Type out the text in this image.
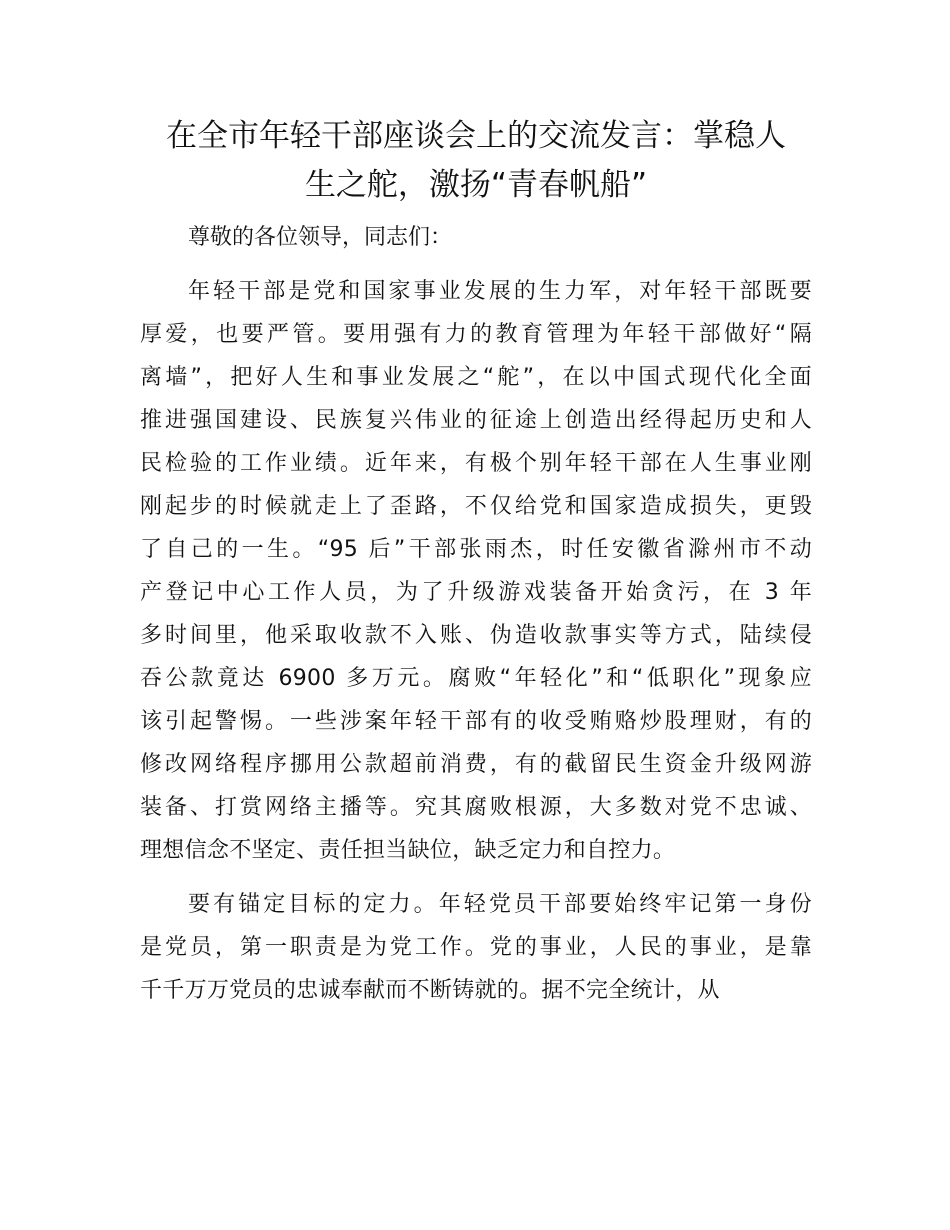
在全市年轻干部座谈会上的交流发言：掌稳人
生之舵，激扬“青春帆船”

尊敬的各位领导，同志们：

年轻干部是党和国家事业发展的生力军，对年轻干部既要
厚爱，也要严管。要用强有力的教育管理为年轻干部做好“隔
离墙”，把好人生和事业发展之“舵”，在以中国式现代化全面
推进强国建设、民族复兴伟业的征途上创造出经得起历史和人
民检验的工作业绩。近年来，有极个别年轻干部在人生事业刚
刚起步的时候就走上了歪路，不仅给党和国家造成损失，更毁
了自己的一生。“95 后”干部张雨杰，时任安徽省滁州市不动
产登记中心工作人员，为了升级游戏装备开始贪污，在 3 年
多时间里，他采取收款不入账、伪造收款事实等方式，陆续侵
吞公款竟达 6900 多万元。腐败“年轻化”和“低职化”现象应
该引起警惕。一些涉案年轻干部有的收受贿赂炒股理财，有的
修改网络程序挪用公款超前消费，有的截留民生资金升级网游
装备、打赏网络主播等。究其腐败根源，大多数对党不忠诚、
理想信念不坚定、责任担当缺位，缺乏定力和自控力。
要有锚定目标的定力。年轻党员干部要始终牢记第一身份
是党员，第一职责是为党工作。党的事业，人民的事业，是靠
千千万万党员的忠诚奉献而不断铸就的。据不完全统计，从
